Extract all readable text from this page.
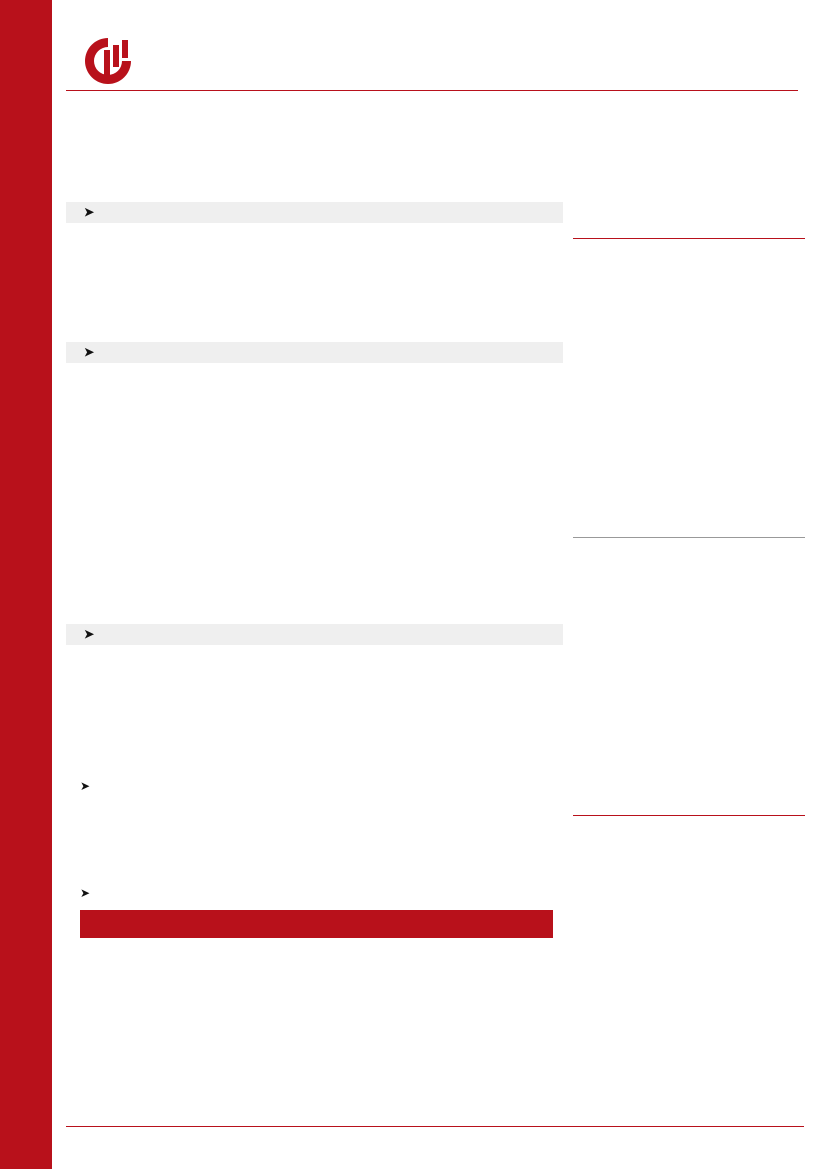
➤
➤
➤
➤
➤
